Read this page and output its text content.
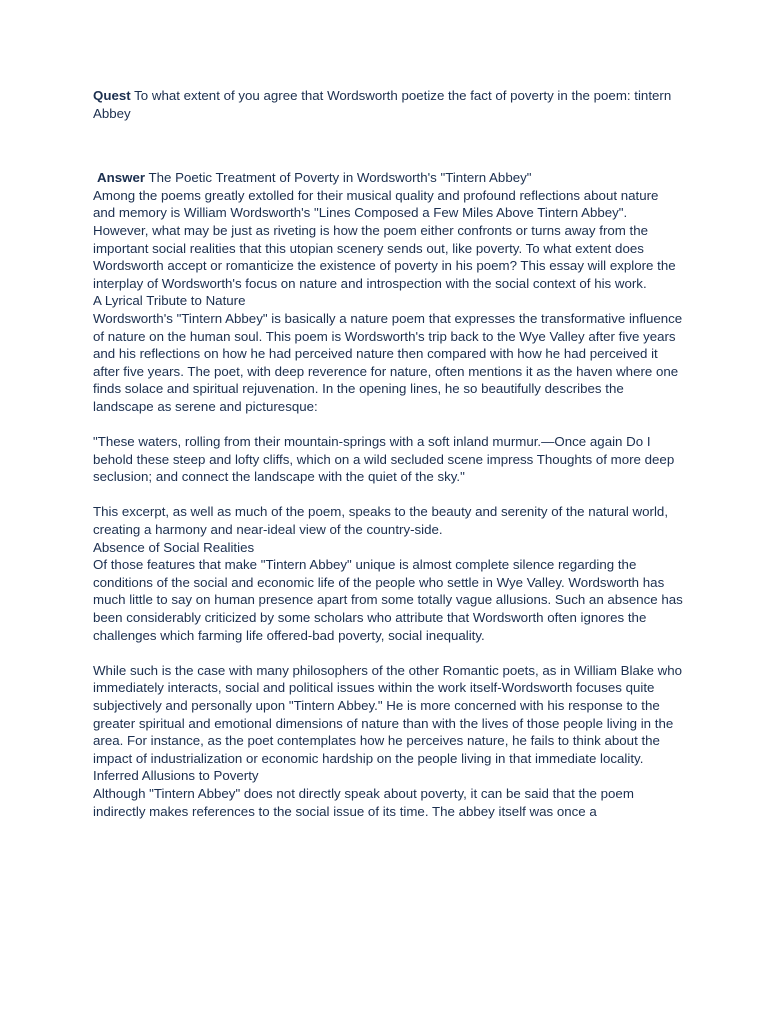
Quest To what extent of you agree that Wordsworth poetize the fact of poverty in the poem: tintern Abbey

Answer The Poetic Treatment of Poverty in Wordsworth's "Tintern Abbey"

Among the poems greatly extolled for their musical quality and profound reflections about nature and memory is William Wordsworth's "Lines Composed a Few Miles Above Tintern Abbey". However, what may be just as riveting is how the poem either confronts or turns away from the important social realities that this utopian scenery sends out, like poverty. To what extent does Wordsworth accept or romanticize the existence of poverty in his poem? This essay will explore the interplay of Wordsworth's focus on nature and introspection with the social context of his work.

A Lyrical Tribute to Nature

Wordsworth's "Tintern Abbey" is basically a nature poem that expresses the transformative influence of nature on the human soul. This poem is Wordsworth's trip back to the Wye Valley after five years and his reflections on how he had perceived nature then compared with how he had perceived it after five years. The poet, with deep reverence for nature, often mentions it as the haven where one finds solace and spiritual rejuvenation. In the opening lines, he so beautifully describes the landscape as serene and picturesque:

"These waters, rolling from their mountain-springs with a soft inland murmur.—Once again Do I behold these steep and lofty cliffs, which on a wild secluded scene impress Thoughts of more deep seclusion; and connect the landscape with the quiet of the sky."

This excerpt, as well as much of the poem, speaks to the beauty and serenity of the natural world, creating a harmony and near-ideal view of the country-side.

Absence of Social Realities

Of those features that make "Tintern Abbey" unique is almost complete silence regarding the conditions of the social and economic life of the people who settle in Wye Valley. Wordsworth has much little to say on human presence apart from some totally vague allusions. Such an absence has been considerably criticized by some scholars who attribute that Wordsworth often ignores the challenges which farming life offered-bad poverty, social inequality.

While such is the case with many philosophers of the other Romantic poets, as in William Blake who immediately interacts, social and political issues within the work itself-Wordsworth focuses quite subjectively and personally upon "Tintern Abbey." He is more concerned with his response to the greater spiritual and emotional dimensions of nature than with the lives of those people living in the area. For instance, as the poet contemplates how he perceives nature, he fails to think about the impact of industrialization or economic hardship on the people living in that immediate locality.

Inferred Allusions to Poverty

Although "Tintern Abbey" does not directly speak about poverty, it can be said that the poem indirectly makes references to the social issue of its time. The abbey itself was once a
